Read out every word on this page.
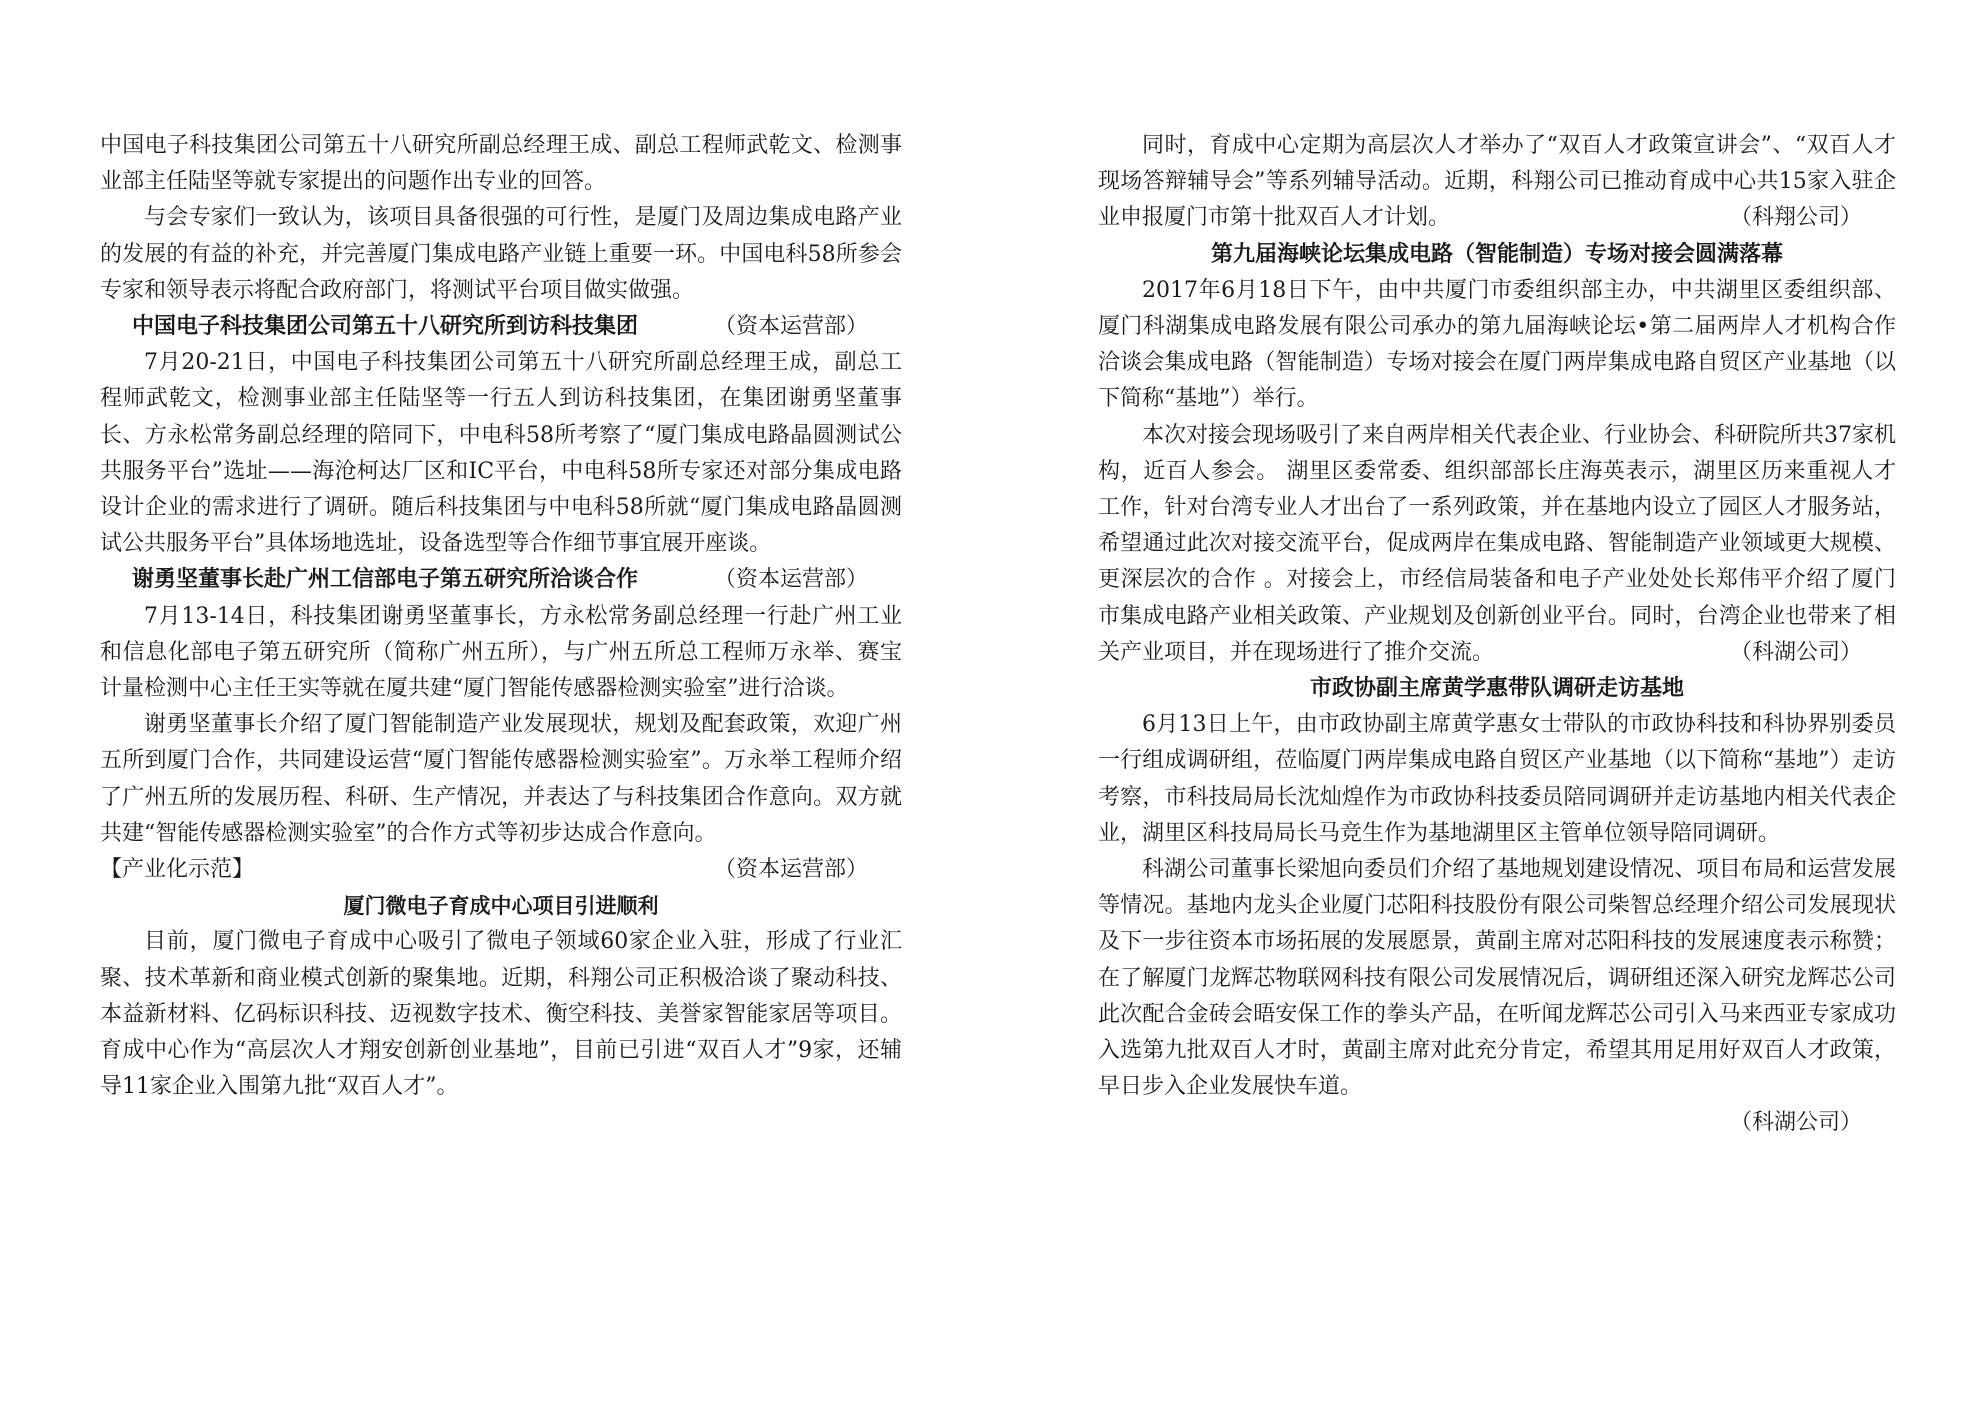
中国电子科技集团公司第五十八研究所副总经理王成、副总工程师武乾文、检测事业部主任陆坚等就专家提出的问题作出专业的回答。

与会专家们一致认为，该项目具备很强的可行性，是厦门及周边集成电路产业的发展的有益的补充，并完善厦门集成电路产业链上重要一环。中国电科58所参会专家和领导表示将配合政府部门，将测试平台项目做实做强。
（资本运营部）

中国电子科技集团公司第五十八研究所到访科技集团

7月20-21日，中国电子科技集团公司第五十八研究所副总经理王成，副总工程师武乾文，检测事业部主任陆坚等一行五人到访科技集团，在集团谢勇坚董事长、方永松常务副总经理的陪同下，中电科58所考察了“厦门集成电路晶圆测试公共服务平台”选址——海沧柯达厂区和IC平台，中电科58所专家还对部分集成电路设计企业的需求进行了调研。随后科技集团与中电科58所就“厦门集成电路晶圆测试公共服务平台”具体场地选址，设备选型等合作细节事宜展开座谈。
（资本运营部）

谢勇坚董事长赴广州工信部电子第五研究所洽谈合作

7月13-14日，科技集团谢勇坚董事长，方永松常务副总经理一行赴广州工业和信息化部电子第五研究所（简称广州五所），与广州五所总工程师万永举、赛宝计量检测中心主任王实等就在厦共建“厦门智能传感器检测实验室”进行洽谈。

谢勇坚董事长介绍了厦门智能制造产业发展现状，规划及配套政策，欢迎广州五所到厦门合作，共同建设运营“厦门智能传感器检测实验室”。万永举工程师介绍了广州五所的发展历程、科研、生产情况，并表达了与科技集团合作意向。双方就共建“智能传感器检测实验室”的合作方式等初步达成合作意向。
（资本运营部）

【产业化示范】

厦门微电子育成中心项目引进顺利

目前，厦门微电子育成中心吸引了微电子领域60家企业入驻，形成了行业汇聚、技术革新和商业模式创新的聚集地。近期，科翔公司正积极洽谈了聚动科技、本益新材料、亿码标识科技、迈视数字技术、衡空科技、美誉家智能家居等项目。育成中心作为“高层次人才翔安创新创业基地”，目前已引进“双百人才”9家，还辅导11家企业入围第九批“双百人才”。

同时，育成中心定期为高层次人才举办了“双百人才政策宣讲会”、“双百人才现场答辩辅导会”等系列辅导活动。近期，科翔公司已推动育成中心共15家入驻企业申报厦门市第十批双百人才计划。	（科翔公司）

第九届海峡论坛集成电路（智能制造）专场对接会圆满落幕

2017年6月18日下午，由中共厦门市委组织部主办，中共湖里区委组织部、厦门科湖集成电路发展有限公司承办的第九届海峡论坛•第二届两岸人才机构合作洽谈会集成电路（智能制造）专场对接会在厦门两岸集成电路自贸区产业基地（以下简称“基地”）举行。

本次对接会现场吸引了来自两岸相关代表企业、行业协会、科研院所共37家机构，近百人参会。 湖里区委常委、组织部部长庄海英表示，湖里区历来重视人才工作，针对台湾专业人才出台了一系列政策，并在基地内设立了园区人才服务站，希望通过此次对接交流平台，促成两岸在集成电路、智能制造产业领域更大规模、更深层次的合作 。对接会上，市经信局装备和电子产业处处长郑伟平介绍了厦门市集成电路产业相关政策、产业规划及创新创业平台。同时，台湾企业也带来了相关产业项目，并在现场进行了推介交流。	（科湖公司）

市政协副主席黄学惠带队调研走访基地

6月13日上午，由市政协副主席黄学惠女士带队的市政协科技和科协界别委员一行组成调研组，莅临厦门两岸集成电路自贸区产业基地（以下简称“基地”）走访考察，市科技局局长沈灿煌作为市政协科技委员陪同调研并走访基地内相关代表企业，湖里区科技局局长马竞生作为基地湖里区主管单位领导陪同调研。

科湖公司董事长梁旭向委员们介绍了基地规划建设情况、项目布局和运营发展等情况。基地内龙头企业厦门芯阳科技股份有限公司柴智总经理介绍公司发展现状及下一步往资本市场拓展的发展愿景，黄副主席对芯阳科技的发展速度表示称赞；在了解厦门龙辉芯物联网科技有限公司发展情况后，调研组还深入研究龙辉芯公司此次配合金砖会晤安保工作的拳头产品，在听闻龙辉芯公司引入马来西亚专家成功入选第九批双百人才时，黄副主席对此充分肯定，希望其用足用好双百人才政策，早日步入企业发展快车道。

（科湖公司）
